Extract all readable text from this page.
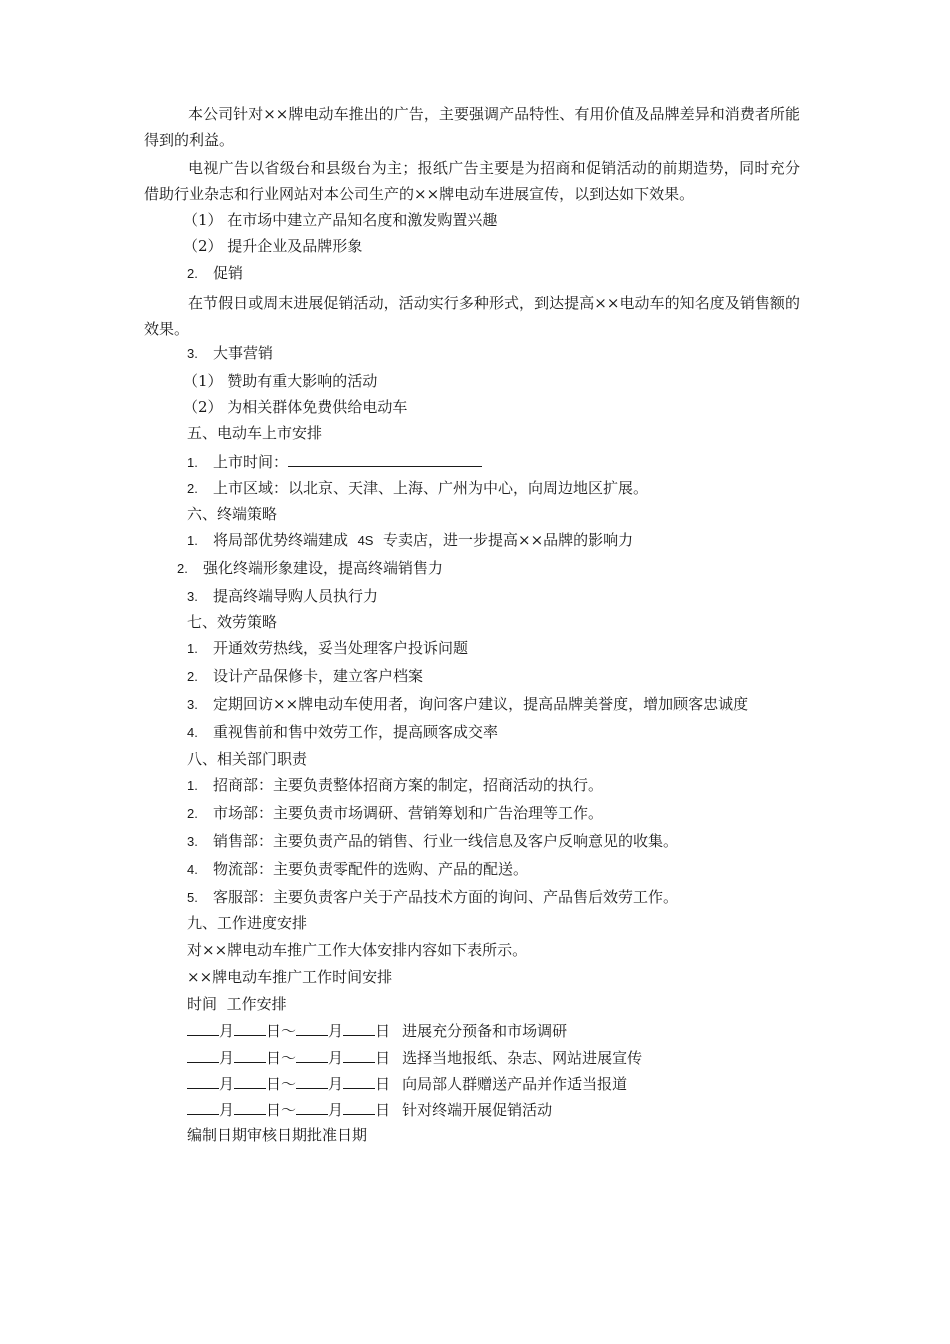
本公司针对××牌电动车推出的广告，主要强调产品特性、有用价值及品牌差异和消费者所能得到的利益。
电视广告以省级台和县级台为主；报纸广告主要是为招商和促销活动的前期造势，同时充分借助行业杂志和行业网站对本公司生产的××牌电动车进展宣传，以到达如下效果。
（1） 在市场中建立产品知名度和激发购置兴趣
（2） 提升企业及品牌形象
2. 促销
在节假日或周末进展促销活动，活动实行多种形式，到达提高××电动车的知名度及销售额的效果。
3. 大事营销
（1） 赞助有重大影响的活动
（2） 为相关群体免费供给电动车
五、电动车上市安排
1. 上市时间：
2. 上市区域：以北京、天津、上海、广州为中心，向周边地区扩展。
六、终端策略
1. 将局部优势终端建成 4S 专卖店，进一步提高××品牌的影响力
2. 强化终端形象建设，提高终端销售力
3. 提高终端导购人员执行力
七、效劳策略
1. 开通效劳热线，妥当处理客户投诉问题
2. 设计产品保修卡，建立客户档案
3. 定期回访××牌电动车使用者，询问客户建议，提高品牌美誉度，增加顾客忠诚度
4. 重视售前和售中效劳工作，提高顾客成交率
八、相关部门职责
1. 招商部：主要负责整体招商方案的制定，招商活动的执行。
2. 市场部：主要负责市场调研、营销筹划和广告治理等工作。
3. 销售部：主要负责产品的销售、行业一线信息及客户反响意见的收集。
4. 物流部：主要负责零配件的选购、产品的配送。
5. 客服部：主要负责客户关于产品技术方面的询问、产品售后效劳工作。
九、工作进度安排
对××牌电动车推广工作大体安排内容如下表所示。
××牌电动车推广工作时间安排
时间 工作安排
月 日～ 月 日 进展充分预备和市场调研
月 日～ 月 日 选择当地报纸、杂志、网站进展宣传
月 日～ 月 日 向局部人群赠送产品并作适当报道
月 日～ 月 日 针对终端开展促销活动
编制日期审核日期批准日期
